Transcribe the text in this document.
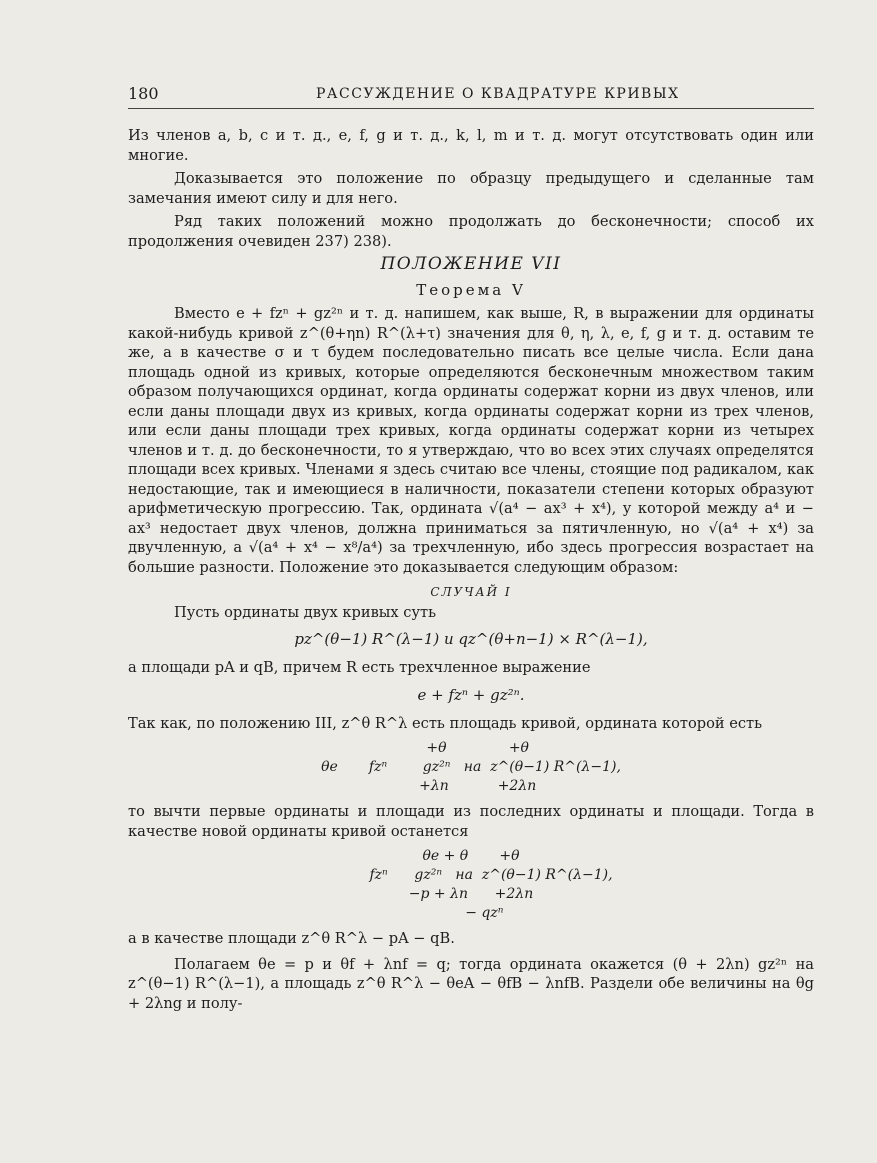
180	РАССУЖДЕНИЕ О КВАДРАТУРЕ КРИВЫХ

Из членов a, b, c и т. д., e, f, g и т. д., k, l, m и т. д. могут отсутствовать один или многие.

Доказывается это положение по образцу предыдущего и сделанные там замечания имеют силу и для него.

Ряд таких положений можно продолжать до бесконечности; способ их продолжения очевиден 237) 238).

ПОЛОЖЕНИЕ VII

Теорема V

Вместо e + fzⁿ + gz²ⁿ и т. д. напишем, как выше, R, в выражении для ординаты какой-нибудь кривой z^(θ+ηn) R^(λ+τ) значения для θ, η, λ, e, f, g и т. д. оставим те же, а в качестве σ и τ будем последовательно писать все целые числа. Если дана площадь одной из кривых, которые определяются бесконечным множеством таким образом получающихся ординат, когда ординаты содержат корни из двух членов, или если даны площади двух из кривых, когда ординаты содержат корни из трех членов, или если даны площади трех кривых, когда ординаты содержат корни из четырех членов и т. д. до бесконечности, то я утверждаю, что во всех этих случаях определятся площади всех кривых. Членами я здесь считаю все члены, стоящие под радикалом, как недостающие, так и имеющиеся в наличности, показатели степени которых образуют арифметическую прогрессию. Так, ордината √(a⁴ − ax³ + x⁴), у которой между a⁴ и − ax³ недостает двух членов, должна приниматься за пятичленную, но √(a⁴ + x⁴) за двучленную, а √(a⁴ + x⁴ − x⁸/a⁴) за трехчленную, ибо здесь прогрессия возрастает на большие разности. Положение это доказывается следующим образом:

СЛУЧАЙ I

Пусть ординаты двух кривых суть

pz^(θ−1) R^(λ−1) и qz^(θ+n−1) × R^(λ−1),

а площади pA и qB, причем R есть трехчленное выражение

e + fzⁿ + gz²ⁿ.

Так как, по положению III, z^θ R^λ есть площадь кривой, ордината которой есть

+θ              +θ
θe       fzⁿ        gz²ⁿ   на  z^(θ−1) R^(λ−1),
+λn           +2λn

то вычти первые ординаты и площади из последних ординаты и площади. Тогда в качестве новой ординаты кривой останется

θe + θ       +θ
fzⁿ      gz²ⁿ   на  z^(θ−1) R^(λ−1),
−p + λn      +2λn
− qzⁿ

а в качестве площади z^θ R^λ − pA − qB.

Полагаем θe = p и θf + λnf = q; тогда ордината окажется (θ + 2λn) gz²ⁿ на z^(θ−1) R^(λ−1), а площадь z^θ R^λ − θeA − θfB − λnfB. Раздели обе величины на θg + 2λng и полу-
